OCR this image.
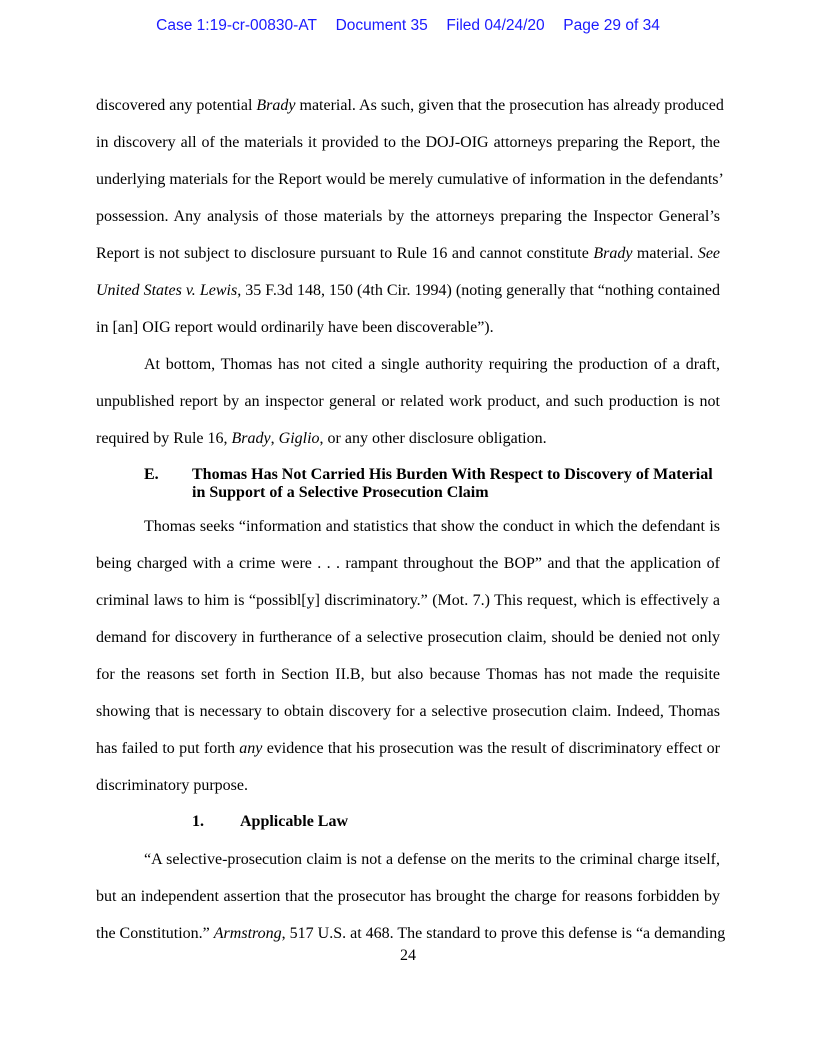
Case 1:19-cr-00830-AT Document 35 Filed 04/24/20 Page 29 of 34
discovered any potential Brady material. As such, given that the prosecution has already produced
in discovery all of the materials it provided to the DOJ-OIG attorneys preparing the Report, the
underlying materials for the Report would be merely cumulative of information in the defendants’
possession. Any analysis of those materials by the attorneys preparing the Inspector General’s
Report is not subject to disclosure pursuant to Rule 16 and cannot constitute Brady material. See
United States v. Lewis, 35 F.3d 148, 150 (4th Cir. 1994) (noting generally that “nothing contained
in [an] OIG report would ordinarily have been discoverable”).
At bottom, Thomas has not cited a single authority requiring the production of a draft,
unpublished report by an inspector general or related work product, and such production is not
required by Rule 16, Brady, Giglio, or any other disclosure obligation.
E. Thomas Has Not Carried His Burden With Respect to Discovery of Material
in Support of a Selective Prosecution Claim
Thomas seeks “information and statistics that show the conduct in which the defendant is
being charged with a crime were . . . rampant throughout the BOP” and that the application of
criminal laws to him is “possibl[y] discriminatory.” (Mot. 7.) This request, which is effectively a
demand for discovery in furtherance of a selective prosecution claim, should be denied not only
for the reasons set forth in Section II.B, but also because Thomas has not made the requisite
showing that is necessary to obtain discovery for a selective prosecution claim. Indeed, Thomas
has failed to put forth any evidence that his prosecution was the result of discriminatory effect or
discriminatory purpose.
1. Applicable Law
“A selective-prosecution claim is not a defense on the merits to the criminal charge itself,
but an independent assertion that the prosecutor has brought the charge for reasons forbidden by
the Constitution.” Armstrong, 517 U.S. at 468. The standard to prove this defense is “a demanding
24
